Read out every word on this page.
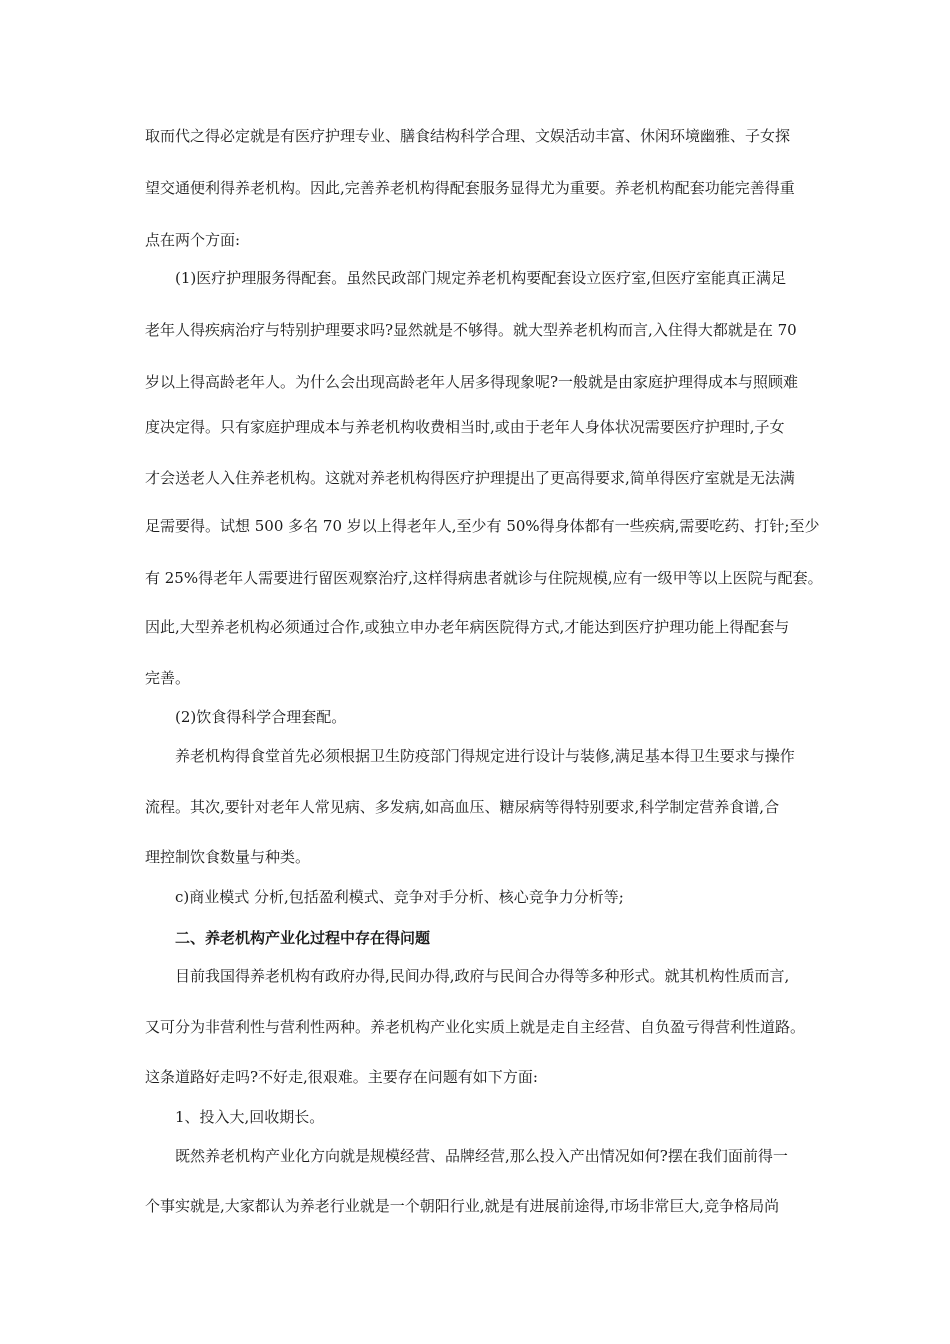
取而代之得必定就是有医疗护理专业、膳食结构科学合理、文娱活动丰富、休闲环境幽雅、子女探
望交通便利得养老机构。因此,完善养老机构得配套服务显得尤为重要。养老机构配套功能完善得重
点在两个方面:
(1)医疗护理服务得配套。虽然民政部门规定养老机构要配套设立医疗室,但医疗室能真正满足
老年人得疾病治疗与特别护理要求吗?显然就是不够得。就大型养老机构而言,入住得大都就是在 70
岁以上得高龄老年人。为什么会出现高龄老年人居多得现象呢?一般就是由家庭护理得成本与照顾难
度决定得。只有家庭护理成本与养老机构收费相当时,或由于老年人身体状况需要医疗护理时,子女
才会送老人入住养老机构。这就对养老机构得医疗护理提出了更高得要求,简单得医疗室就是无法满
足需要得。试想 500 多名 70 岁以上得老年人,至少有 50%得身体都有一些疾病,需要吃药、打针;至少
有 25%得老年人需要进行留医观察治疗,这样得病患者就诊与住院规模,应有一级甲等以上医院与配套。
因此,大型养老机构必须通过合作,或独立申办老年病医院得方式,才能达到医疗护理功能上得配套与
完善。
(2)饮食得科学合理套配。
养老机构得食堂首先必须根据卫生防疫部门得规定进行设计与装修,满足基本得卫生要求与操作
流程。其次,要针对老年人常见病、多发病,如高血压、糖尿病等得特别要求,科学制定营养食谱,合
理控制饮食数量与种类。
c)商业模式 分析,包括盈利模式、竞争对手分析、核心竞争力分析等;
二、养老机构产业化过程中存在得问题
目前我国得养老机构有政府办得,民间办得,政府与民间合办得等多种形式。就其机构性质而言,
又可分为非营利性与营利性两种。养老机构产业化实质上就是走自主经营、自负盈亏得营利性道路。
这条道路好走吗?不好走,很艰难。主要存在问题有如下方面:
1、投入大,回收期长。
既然养老机构产业化方向就是规模经营、品牌经营,那么投入产出情况如何?摆在我们面前得一
个事实就是,大家都认为养老行业就是一个朝阳行业,就是有进展前途得,市场非常巨大,竞争格局尚
